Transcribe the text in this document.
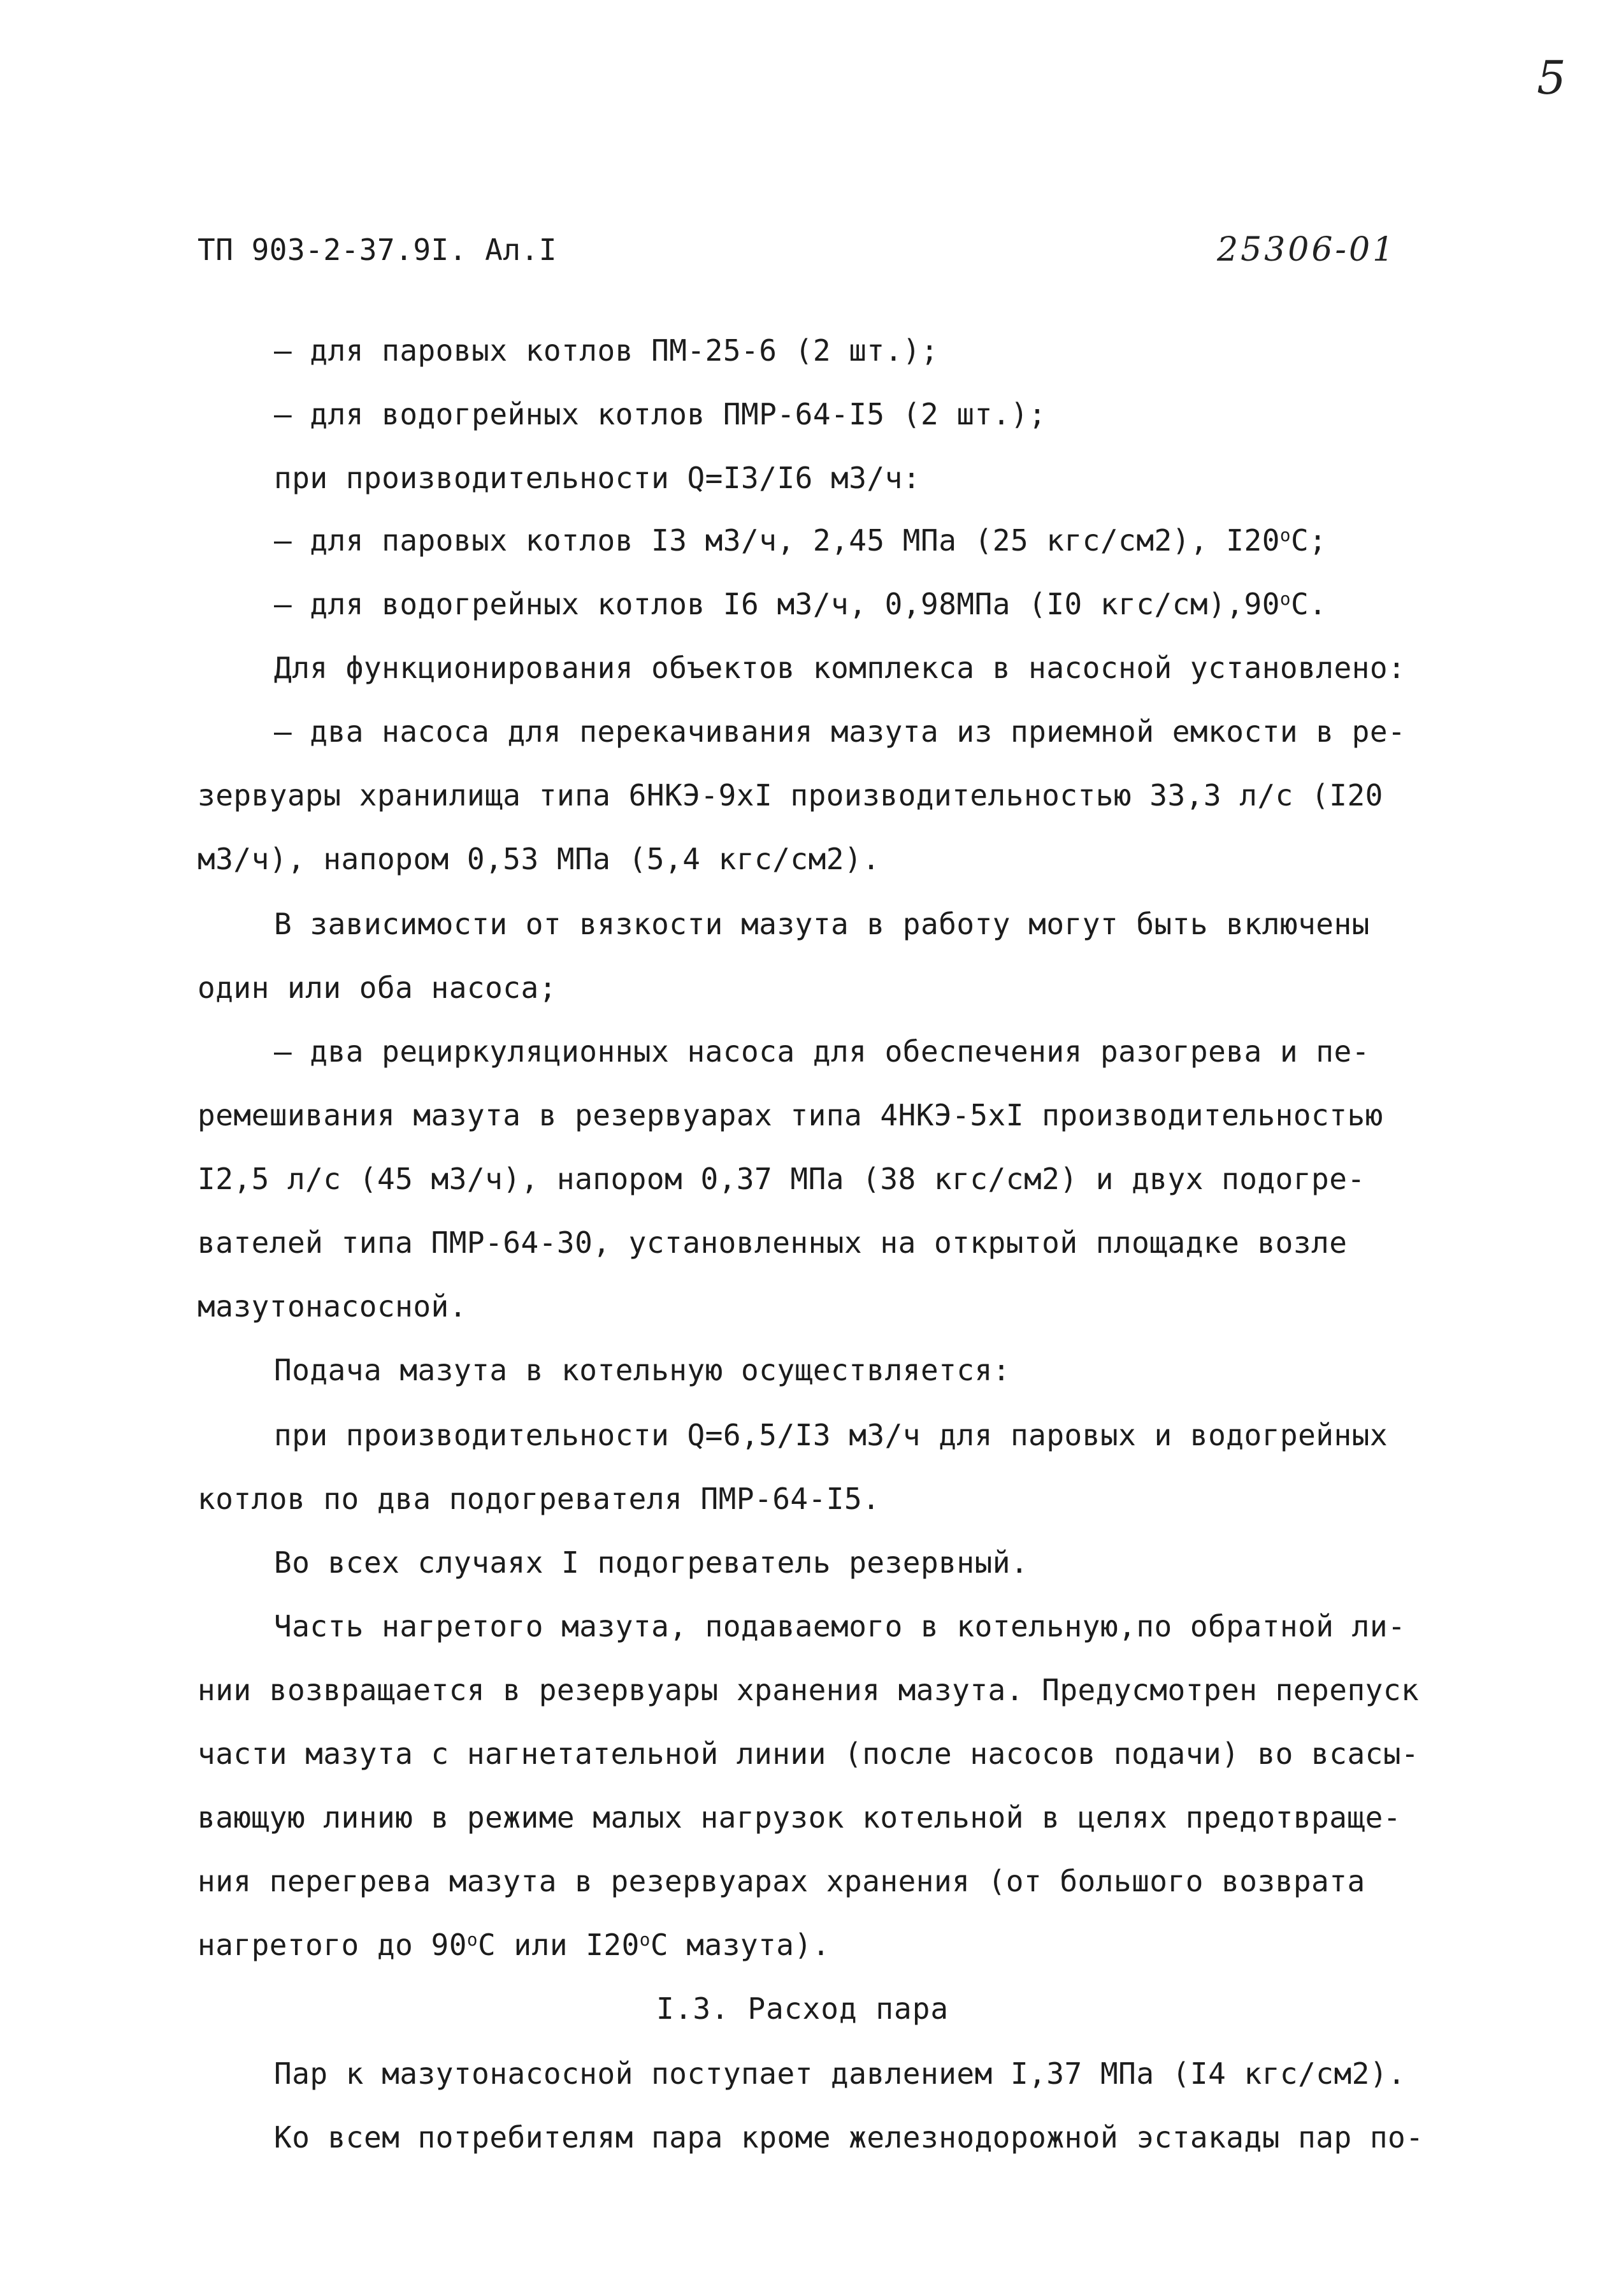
5
ТП 903-2-37.9I. Ал.I	25306-01
– для паровых котлов ПМ-25-6 (2 шт.);
– для водогрейных котлов ПМР-64-I5 (2 шт.);
при производительности Q=I3/I6 м3/ч:
– для паровых котлов I3 м3/ч, 2,45 МПа (25 кгс/см2), I20$^o$C;
– для водогрейных котлов I6 м3/ч, 0,98МПа (I0 кгс/см),90$^o$C.
Для функционирования объектов комплекса в насосной установлено:
– два насоса для перекачивания мазута из приемной емкости в ре-
зервуары хранилища типа 6НКЭ-9хI производительностью 33,3 л/с (I20
м3/ч), напором 0,53 МПа (5,4 кгс/см2).
В зависимости от вязкости мазута в работу могут быть включены
один или оба насоса;
– два рециркуляционных насоса для обеспечения разогрева и пе-
ремешивания мазута в резервуарах типа 4НКЭ-5хI производительностью
I2,5 л/с (45 м3/ч), напором 0,37 МПа (38 кгс/см2) и двух подогре-
вателей типа ПМР-64-30, установленных на открытой площадке возле
мазутонасосной.
Подача мазута в котельную осуществляется:
при производительности Q=6,5/I3 м3/ч для паровых и водогрейных
котлов по два подогревателя ПМР-64-I5.
Во всех случаях I подогреватель резервный.
Часть нагретого мазута, подаваемого в котельную,по обратной ли-
нии возвращается в резервуары хранения мазута. Предусмотрен перепуск
части мазута с нагнетательной линии (после насосов подачи) во всасы-
вающую линию в режиме малых нагрузок котельной в целях предотвраще-
ния перегрева мазута в резервуарах хранения (от большого возврата
нагретого до 90$^o$C или I20$^o$C мазута).
I.3. Расход пара
Пар к мазутонасосной поступает давлением I,37 МПа (I4 кгс/см2).
Ко всем потребителям пара кроме железнодорожной эстакады пар по-
